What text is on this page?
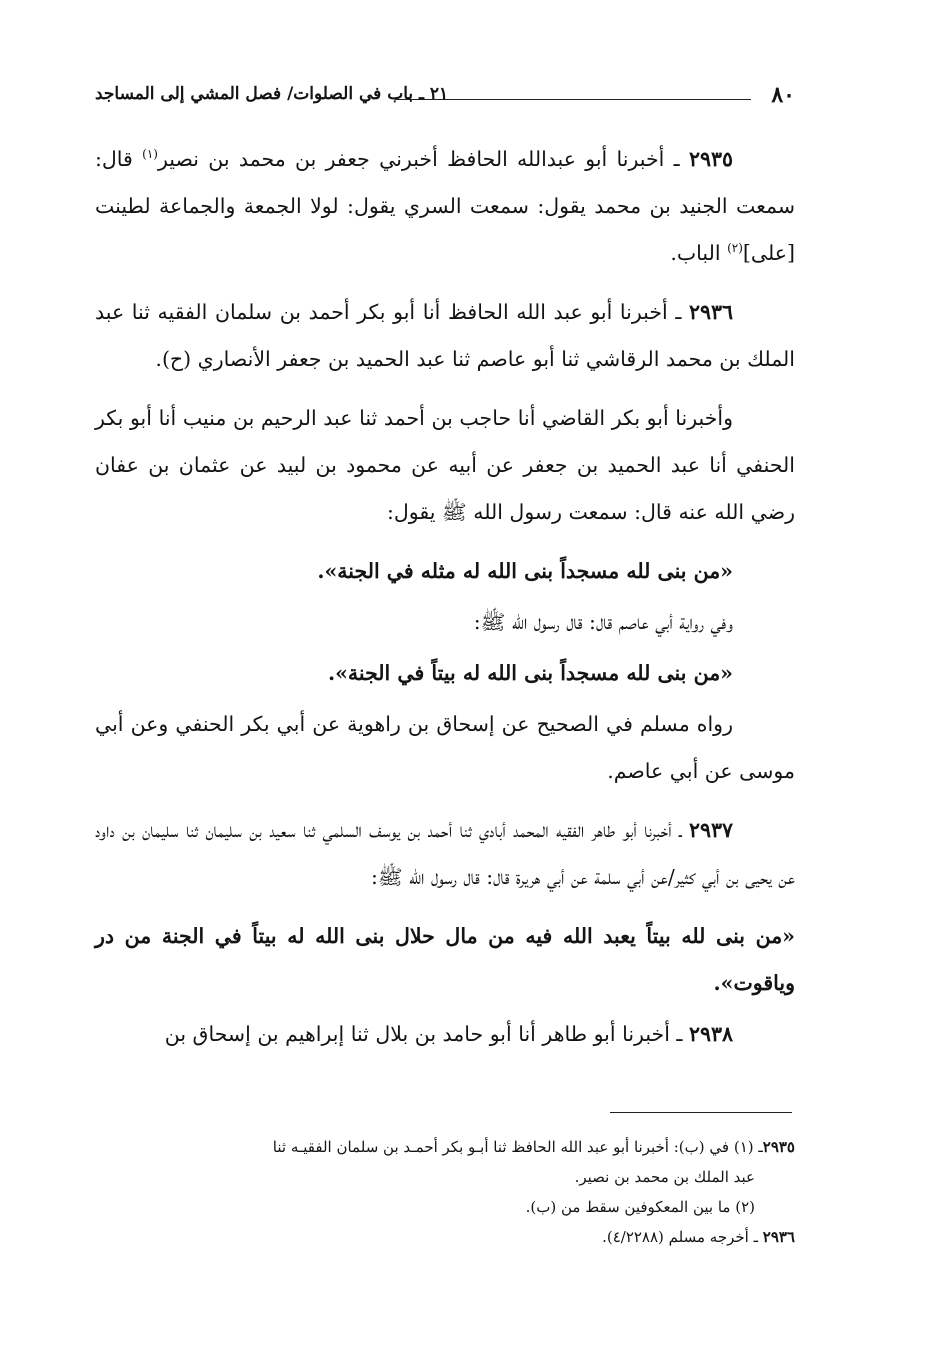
٨٠
٢١ ـ باب في الصلوات/ فصل المشي إلى المساجد

٢٩٣٥ ـ أخبرنا أبو عبدالله الحافظ أخبرني جعفر بن محمد بن نصير$^{(١)}$ قال: سمعت الجنيد بن محمد يقول: سمعت السري يقول: لولا الجمعة والجماعة لطينت [على]$^{(٢)}$ الباب.

٢٩٣٦ ـ أخبرنا أبو عبد الله الحافظ أنا أبو بكر أحمد بن سلمان الفقيه ثنا عبد الملك بن محمد الرقاشي ثنا أبو عاصم ثنا عبد الحميد بن جعفر الأنصاري (ح).

وأخبرنا أبو بكر القاضي أنا حاجب بن أحمد ثنا عبد الرحيم بن منيب أنا أبو بكر الحنفي أنا عبد الحميد بن جعفر عن أبيه عن محمود بن لبيد عن عثمان بن عفان رضي الله عنه قال: سمعت رسول الله ﷺ يقول:

«من بنى لله مسجداً بنى الله له مثله في الجنة».

وفي رواية أبي عاصم قال: قال رسول الله ﷺ:

«من بنى لله مسجداً بنى الله له بيتاً في الجنة».

رواه مسلم في الصحيح عن إسحاق بن راهوية عن أبي بكر الحنفي وعن أبي موسى عن أبي عاصم.

٢٩٣٧ ـ أخبرنا أبو طاهر الفقيه المحمد أبادي ثنا أحمد بن يوسف السلمي ثنا سعيد بن سليمان ثنا سليمان بن داود عن يحيى بن أبي كثير/عن أبي سلمة عن أبي هريرة قال: قال رسول الله ﷺ:

«من بنى لله بيتاً يعبد الله فيه من مال حلال بنى الله له بيتاً في الجنة من در وياقوت».

٢٩٣٨ ـ أخبرنا أبو طاهر أنا أبو حامد بن بلال ثنا إبراهيم بن إسحاق بن

٢٩٣٥ـ (١) في (ب): أخبرنا أبو عبد الله الحافظ ثنا أبـو بكر أحمـد بن سلمان الفقيـه ثنا

عبد الملك بن محمد بن نصير.

(٢) ما بين المعكوفين سقط من (ب).

٢٩٣٦ ـ أخرجه مسلم (٤/٢٢٨٨).
